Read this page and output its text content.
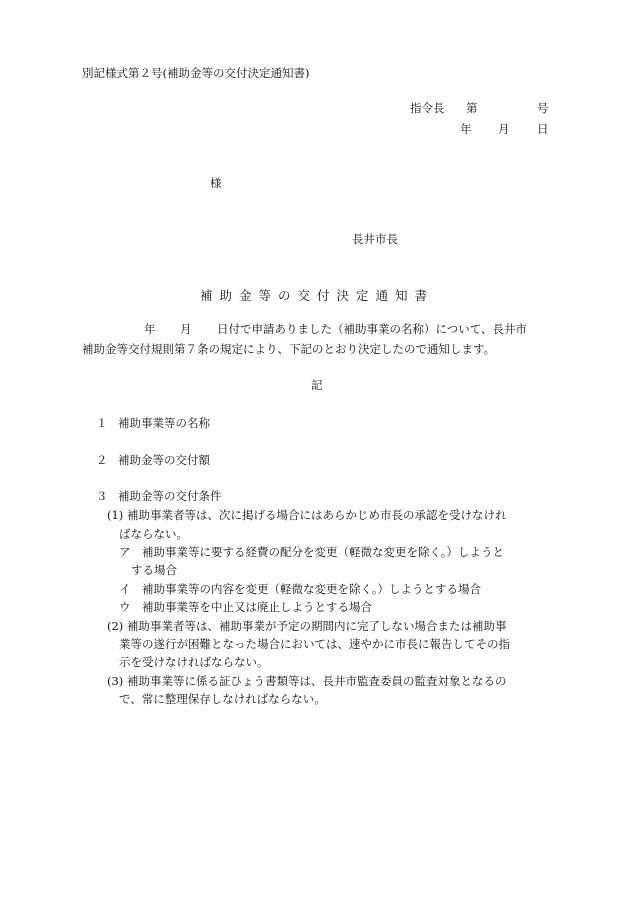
別記様式第２号(補助金等の交付決定通知書)
指令長 第	号
年 月 日
様
長井市長
補助金等の交付決定通知書
年 月 日付で申請ありました（補助事業の名称）について、長井市
補助金等交付規則第７条の規定により、下記のとおり決定したので通知します。
記
１ 補助事業等の名称
２ 補助金等の交付額
３ 補助金等の交付条件
(1) 補助事業者等は、次に掲げる場合にはあらかじめ市長の承認を受けなけれ
ばならない。
ア　補助事業等に要する経費の配分を変更（軽微な変更を除く。）しようと
する場合
イ　補助事業等の内容を変更（軽微な変更を除く。）しようとする場合
ウ　補助事業等を中止又は廃止しようとする場合
(2) 補助事業者等は、補助事業が予定の期間内に完了しない場合または補助事
業等の遂行が困難となった場合においては、速やかに市長に報告してその指
示を受けなければならない。
(3) 補助事業等に係る証ひょう書類等は、長井市監査委員の監査対象となるの
で、常に整理保存しなければならない。
